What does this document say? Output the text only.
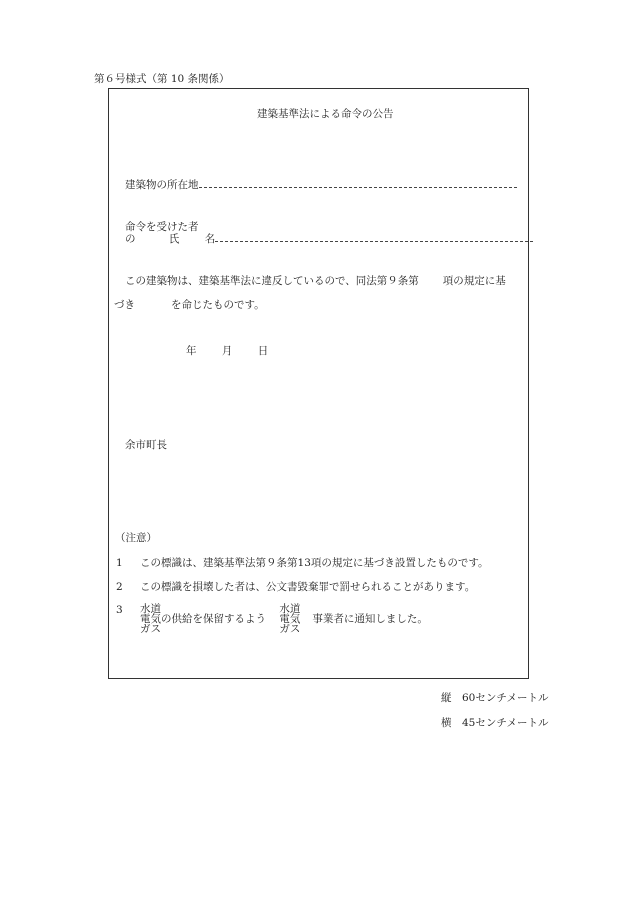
第６号様式（第 10 条関係）
建築基準法による命令の公告
建築物の所在地
命令を受けた者
の	氏 名
この建築物は、建築基準法に違反しているので、同法第９条第 項の規定に基
づき	を命じたものです。
年 月 日
余市町長
（注意）
1 この標識は、建築基準法第９条第13項の規定に基づき設置したものです。
2 この標識を損壊した者は、公文書毀棄罪で罰せられることがあります。
3 水道
電気の供給を保留するよう
ガス 水道
電気 事業者に通知しました。
ガス
縦　60センチメートル
横　45センチメートル
